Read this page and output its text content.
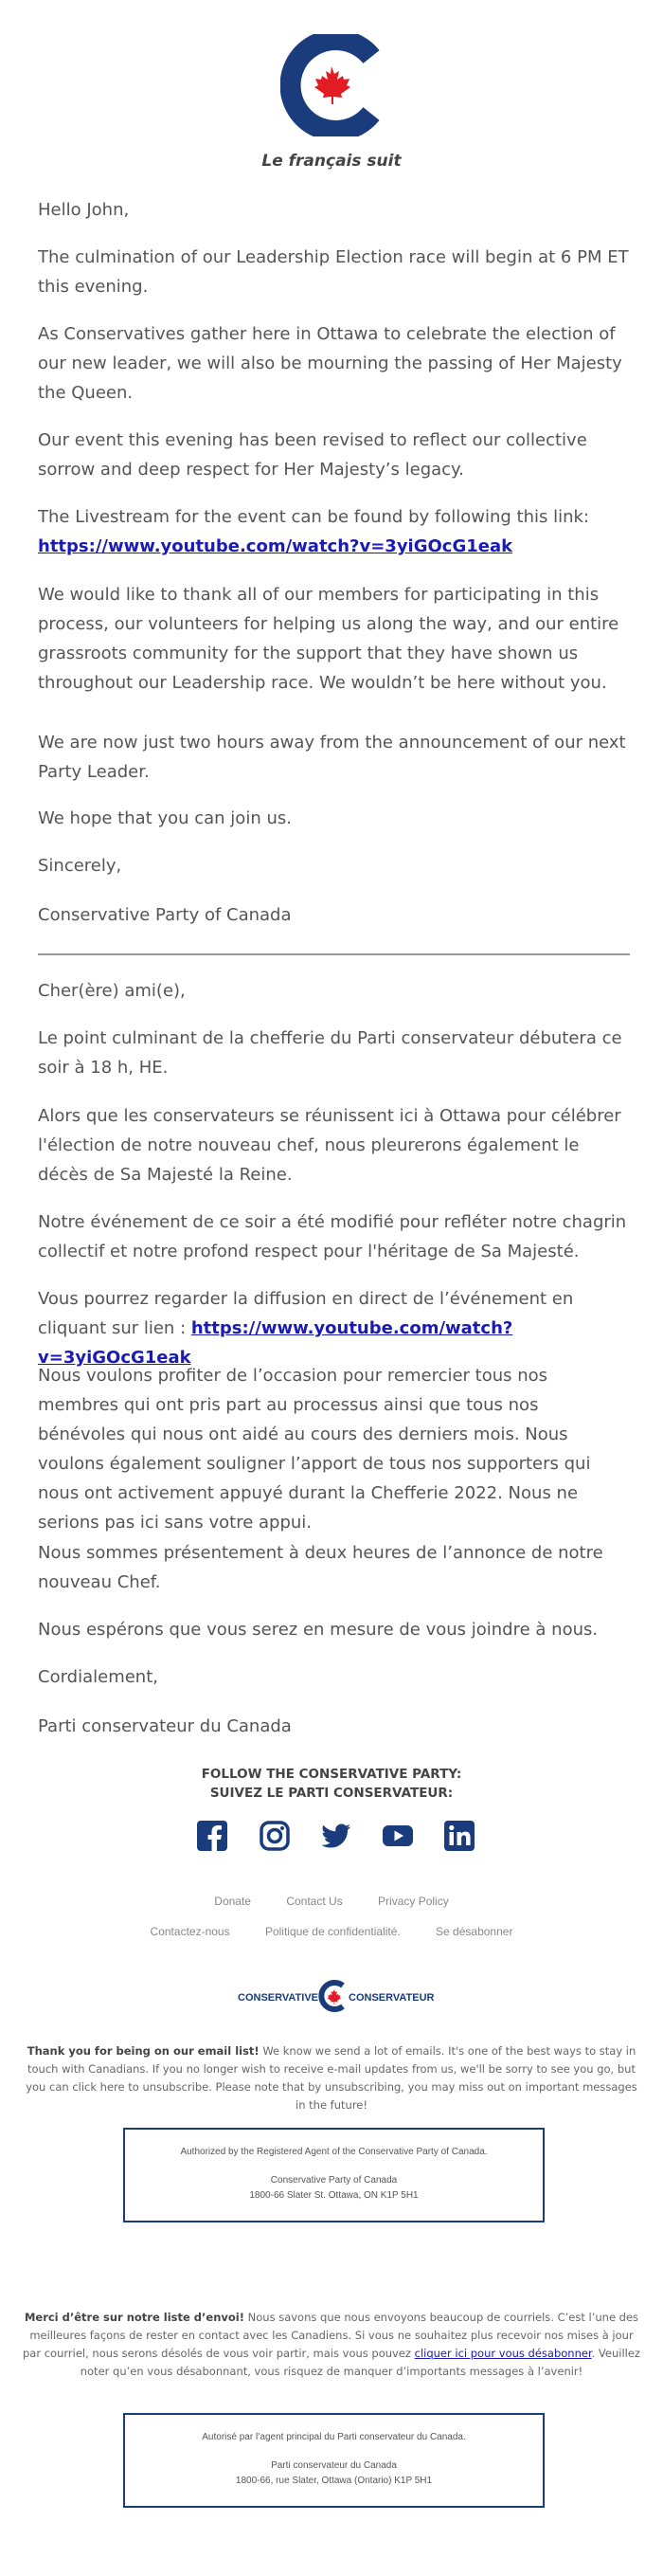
Le français suit
Hello John,
The culmination of our Leadership Election race will begin at 6 PM ET this evening.
As Conservatives gather here in Ottawa to celebrate the election of our new leader, we will also be mourning the passing of Her Majesty the Queen.
Our event this evening has been revised to reflect our collective sorrow and deep respect for Her Majesty’s legacy.
The Livestream for the event can be found by following this link: https://www.youtube.com/watch?v=3yiGOcG1eak
We would like to thank all of our members for participating in this process, our volunteers for helping us along the way, and our entire grassroots community for the support that they have shown us throughout our Leadership race. We wouldn’t be here without you.
We are now just two hours away from the announcement of our next Party Leader.
We hope that you can join us.
Sincerely,
Conservative Party of Canada
Cher(ère) ami(e),
Le point culminant de la chefferie du Parti conservateur débutera ce soir à 18 h, HE.
Alors que les conservateurs se réunissent ici à Ottawa pour célébrer l'élection de notre nouveau chef, nous pleurerons également le décès de Sa Majesté la Reine.
Notre événement de ce soir a été modifié pour refléter notre chagrin collectif et notre profond respect pour l'héritage de Sa Majesté.
Vous pourrez regarder la diffusion en direct de l’événement en cliquant sur lien : https://www.youtube.com/watch?v=3yiGOcG1eak
Nous voulons profiter de l’occasion pour remercier tous nos membres qui ont pris part au processus ainsi que tous nos bénévoles qui nous ont aidé au cours des derniers mois. Nous voulons également souligner l’apport de tous nos supporters qui nous ont activement appuyé durant la Chefferie 2022. Nous ne serions pas ici sans votre appui.
Nous sommes présentement à deux heures de l’annonce de notre nouveau Chef.
Nous espérons que vous serez en mesure de vous joindre à nous.
Cordialement,
Parti conservateur du Canada
FOLLOW THE CONSERVATIVE PARTY:
SUIVEZ LE PARTI CONSERVATEUR:
Donate	Contact Us	Privacy Policy
Contactez-nous	Politique de confidentialité.	Se désabonner
CONSERVATIVE	CONSERVATEUR
Thank you for being on our email list! We know we send a lot of emails. It's one of the best ways to stay in touch with Canadians. If you no longer wish to receive e-mail updates from us, we'll be sorry to see you go, but you can click here to unsubscribe. Please note that by unsubscribing, you may miss out on important messages in the future!
Authorized by the Registered Agent of the Conservative Party of Canada.
Conservative Party of Canada
1800-66 Slater St. Ottawa, ON K1P 5H1
Merci d’être sur notre liste d’envoi! Nous savons que nous envoyons beaucoup de courriels. C’est l’une des meilleures façons de rester en contact avec les Canadiens. Si vous ne souhaitez plus recevoir nos mises à jour par courriel, nous serons désolés de vous voir partir, mais vous pouvez cliquer ici pour vous désabonner. Veuillez noter qu’en vous désabonnant, vous risquez de manquer d’importants messages à l’avenir!
Autorisé par l’agent principal du Parti conservateur du Canada.
Parti conservateur du Canada
1800-66, rue Slater, Ottawa (Ontario) K1P 5H1
